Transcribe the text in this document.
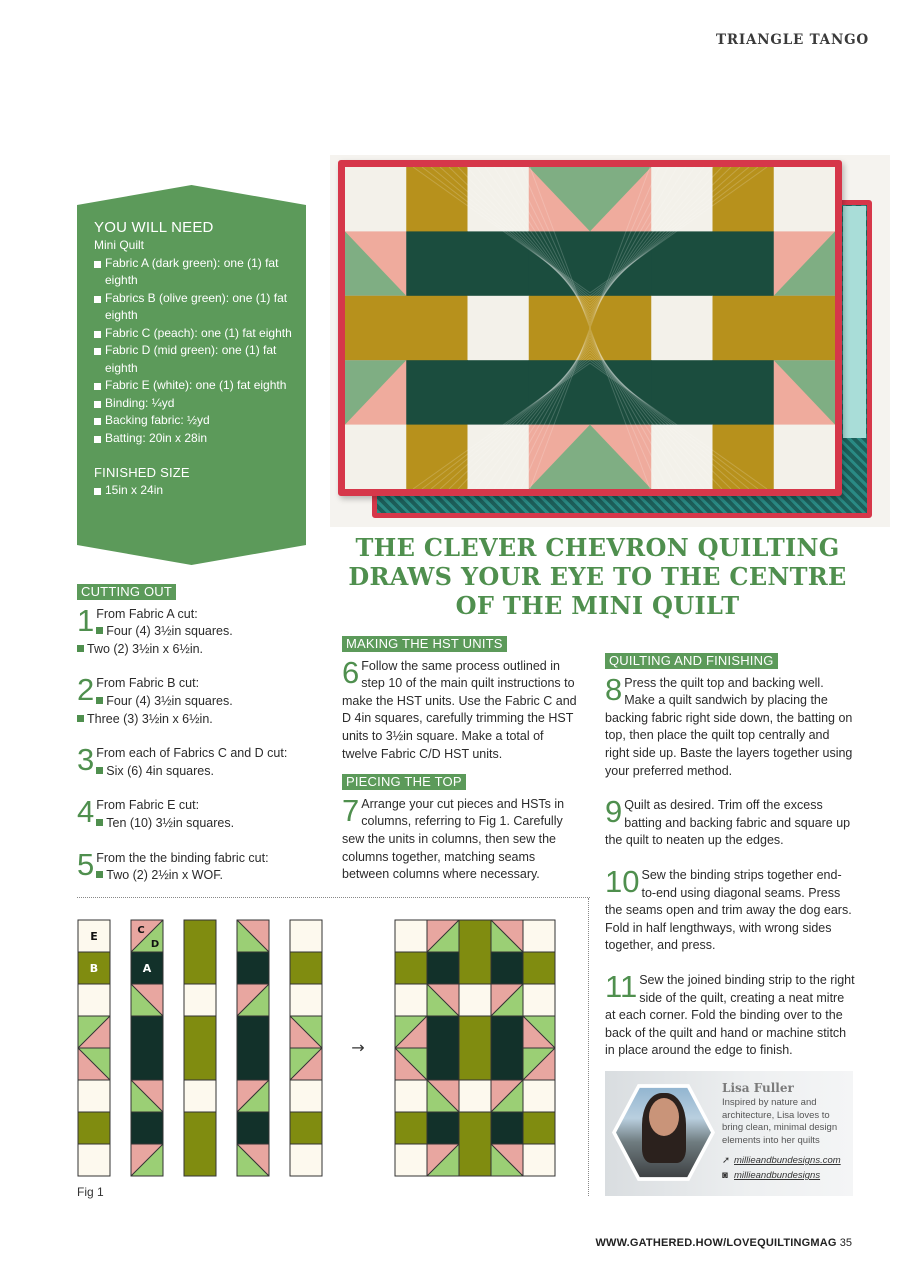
TRIANGLE TANGO
YOU WILL NEED
Mini Quilt
Fabric A (dark green): one (1) fat eighth
Fabrics B (olive green): one (1) fat eighth
Fabric C (peach): one (1) fat eighth
Fabric D (mid green): one (1) fat eighth
Fabric E (white): one (1) fat eighth
Binding: ¼yd
Backing fabric: ½yd
Batting: 20in x 28in
FINISHED SIZE
15in x 24in
THE CLEVER CHEVRON QUILTING DRAWS YOUR EYE TO THE CENTRE OF THE MINI QUILT
CUTTING OUT
1 From Fabric A cut:
Four (4) 3½in squares.
Two (2) 3½in x 6½in.
2 From Fabric B cut:
Four (4) 3½in squares.
Three (3) 3½in x 6½in.
3 From each of Fabrics C and D cut:
Six (6) 4in squares.
4 From Fabric E cut:
Ten (10) 3½in squares.
5 From the the binding fabric cut:
Two (2) 2½in x WOF.
MAKING THE HST UNITS
6 Follow the same process outlined in step 10 of the main quilt instructions to make the HST units. Use the Fabric C and D 4in squares, carefully trimming the HST units to 3½in square. Make a total of twelve Fabric C/D HST units.
PIECING THE TOP
7 Arrange your cut pieces and HSTs in columns, referring to Fig 1. Carefully sew the units in columns, then sew the columns together, matching seams between columns where necessary.
QUILTING AND FINISHING
8 Press the quilt top and backing well. Make a quilt sandwich by placing the backing fabric right side down, the batting on top, then place the quilt top centrally and right side up. Baste the layers together using your preferred method.
9 Quilt as desired. Trim off the excess batting and backing fabric and square up the quilt to neaten up the edges.
10 Sew the binding strips together end-to-end using diagonal seams. Press the seams open and trim away the dog ears. Fold in half lengthways, with wrong sides together, and press.
11 Sew the joined binding strip to the right side of the quilt, creating a neat mitre at each corner. Fold the binding over to the back of the quilt and hand or machine stitch in place around the edge to finish.
E
B
C
D
A
→
Fig 1
Lisa Fuller
Inspired by nature and architecture, Lisa loves to bring clean, minimal design elements into her quilts
➚ millieandbundesigns.com
◙ millieandbundesigns
WWW.GATHERED.HOW/LOVEQUILTINGMAG 35
